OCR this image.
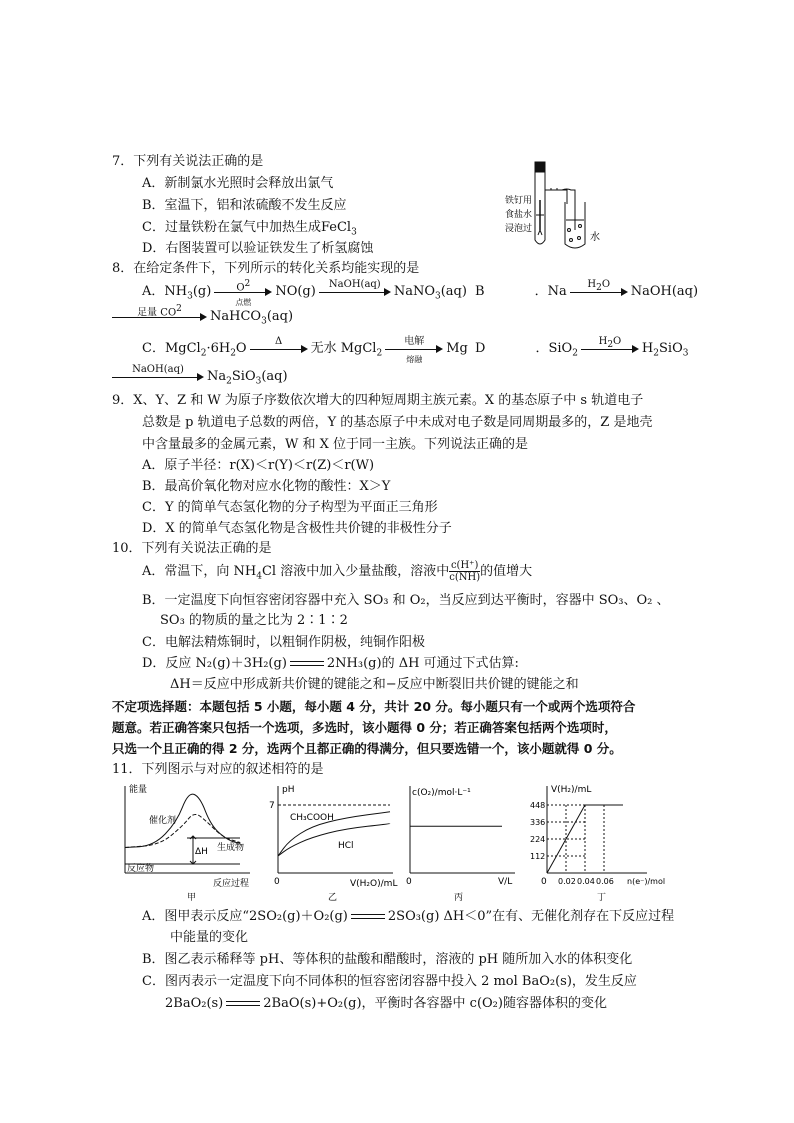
7．下列有关说法正确的是
A．新制氯水光照时会释放出氯气
B．室温下，铝和浓硫酸不发生反应
C．过量铁粉在氯气中加热生成FeCl$_3$
D．右图装置可以验证铁发生了析氢腐蚀
铁钉用
食盐水
浸泡过
水
8．在给定条件下，下列所示的转化关系均能实现的是
A．$NH_3(g)$	$O^2$
点燃
NO(g)	NaOH(aq)	NaNO$_3$(aq) B	．Na	$H_2O$	NaOH(aq)
足量 $CO^2$	NaHCO$_3$(aq)
C．$MgCl_2\cdot 6H_2O$	Δ	无水 MgCl$_2$
电解
熔融
Mg D	．SiO$_2$
$H_2O$	$H_2SiO_3$
NaOH(aq)	$Na_2SiO_3(aq)$
9．X、Y、Z 和 W 为原子序数依次增大的四种短周期主族元素。X 的基态原子中 s 轨道电子
总数是 p 轨道电子总数的两倍，Y 的基态原子中未成对电子数是同周期最多的，Z 是地壳
中含量最多的金属元素，W 和 X 位于同一主族。下列说法正确的是
A．原子半径：r(X)＜r(Y)＜r(Z)＜r(W)
B．最高价氧化物对应水化物的酸性：X＞Y
C．Y 的简单气态氢化物的分子构型为平面正三角形
D．X 的简单气态氢化物是含极性共价键的非极性分子
10．下列有关说法正确的是
A．常温下，向 $NH_4Cl$ 溶液中加入少量盐酸，溶液中 $\frac{c(H^+)}{c(NH)}$ 的值增大
B．一定温度下向恒容密闭容器中充入 SO₃ 和 O₂，当反应到达平衡时，容器中 SO₃、O₂ 、
SO₃ 的物质的量之比为 2∶1∶2
C．电解法精炼铜时，以粗铜作阴极，纯铜作阳极
D．反应 N₂(g)＋3H₂(g)	2NH₃(g)的 ΔH 可通过下式估算:
ΔH＝反应中形成新共价键的键能之和−反应中断裂旧共价键的键能之和
不定项选择题：本题包括 5 小题，每小题 4 分，共计 20 分。每小题只有一个或两个选项符合
题意。若正确答案只包括一个选项，多选时，该小题得 0 分；若正确答案包括两个选项时，
只选一个且正确的得 2 分，选两个且都正确的得满分，但只要选错一个，该小题就得 0 分。
11．下列图示与对应的叙述相符的是
能量
催化剂
ΔH 生成物
反应物
反应过程
甲
pH
7
CH₃COOH
HCl
0	V(H₂O)/mL
乙
c(O₂)/mol·L⁻¹
0	V/L
丙
V(H₂)/mL
112
224
336
448
0.02 0.04 0.06
0	n(e⁻)/mol
丁
A．图甲表示反应“2SO₂(g)＋O₂(g)	2SO₃(g) ΔH＜0”在有、无催化剂存在下反应过程
中能量的变化
B．图乙表示稀释等 pH、等体积的盐酸和醋酸时，溶液的 pH 随所加入水的体积变化
C．图丙表示一定温度下向不同体积的恒容密闭容器中投入 2 mol BaO₂(s)，发生反应
2BaO₂(s)	2BaO(s)+O₂(g)，平衡时各容器中 c(O₂)随容器体积的变化
